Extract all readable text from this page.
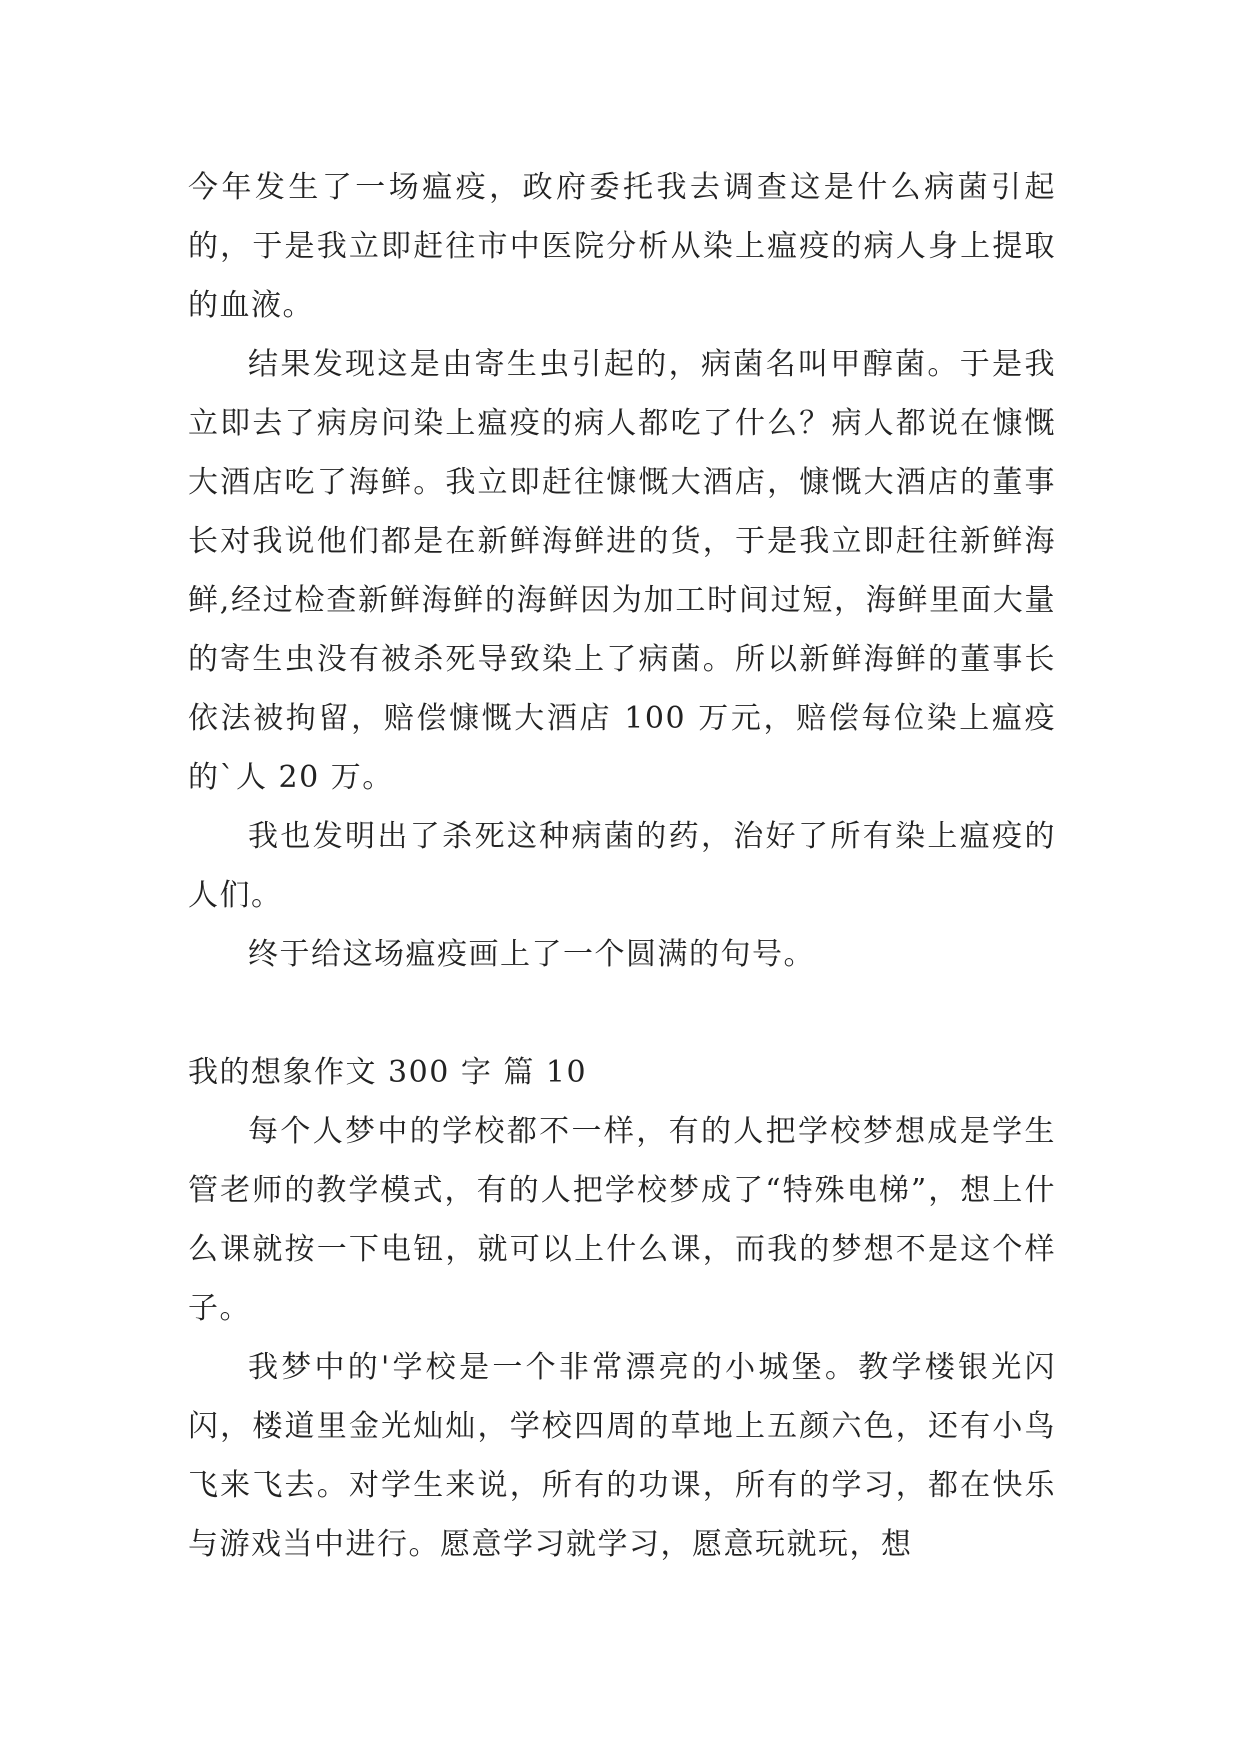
今年发生了一场瘟疫，政府委托我去调查这是什么病菌引起的，于是我立即赶往市中医院分析从染上瘟疫的病人身上提取的血液。

结果发现这是由寄生虫引起的，病菌名叫甲醇菌。于是我立即去了病房问染上瘟疫的病人都吃了什么？病人都说在慷慨大酒店吃了海鲜。我立即赶往慷慨大酒店，慷慨大酒店的董事长对我说他们都是在新鲜海鲜进的货，于是我立即赶往新鲜海鲜,经过检查新鲜海鲜的海鲜因为加工时间过短，海鲜里面大量的寄生虫没有被杀死导致染上了病菌。所以新鲜海鲜的董事长依法被拘留，赔偿慷慨大酒店 100 万元，赔偿每位染上瘟疫的`人 20 万。

我也发明出了杀死这种病菌的药，治好了所有染上瘟疫的人们。

终于给这场瘟疫画上了一个圆满的句号。

我的想象作文 300 字 篇 10

每个人梦中的学校都不一样，有的人把学校梦想成是学生管老师的教学模式，有的人把学校梦成了“特殊电梯”，想上什么课就按一下电钮，就可以上什么课，而我的梦想不是这个样子。

我梦中的'学校是一个非常漂亮的小城堡。教学楼银光闪闪，楼道里金光灿灿，学校四周的草地上五颜六色，还有小鸟飞来飞去。对学生来说，所有的功课，所有的学习，都在快乐与游戏当中进行。愿意学习就学习，愿意玩就玩，想
